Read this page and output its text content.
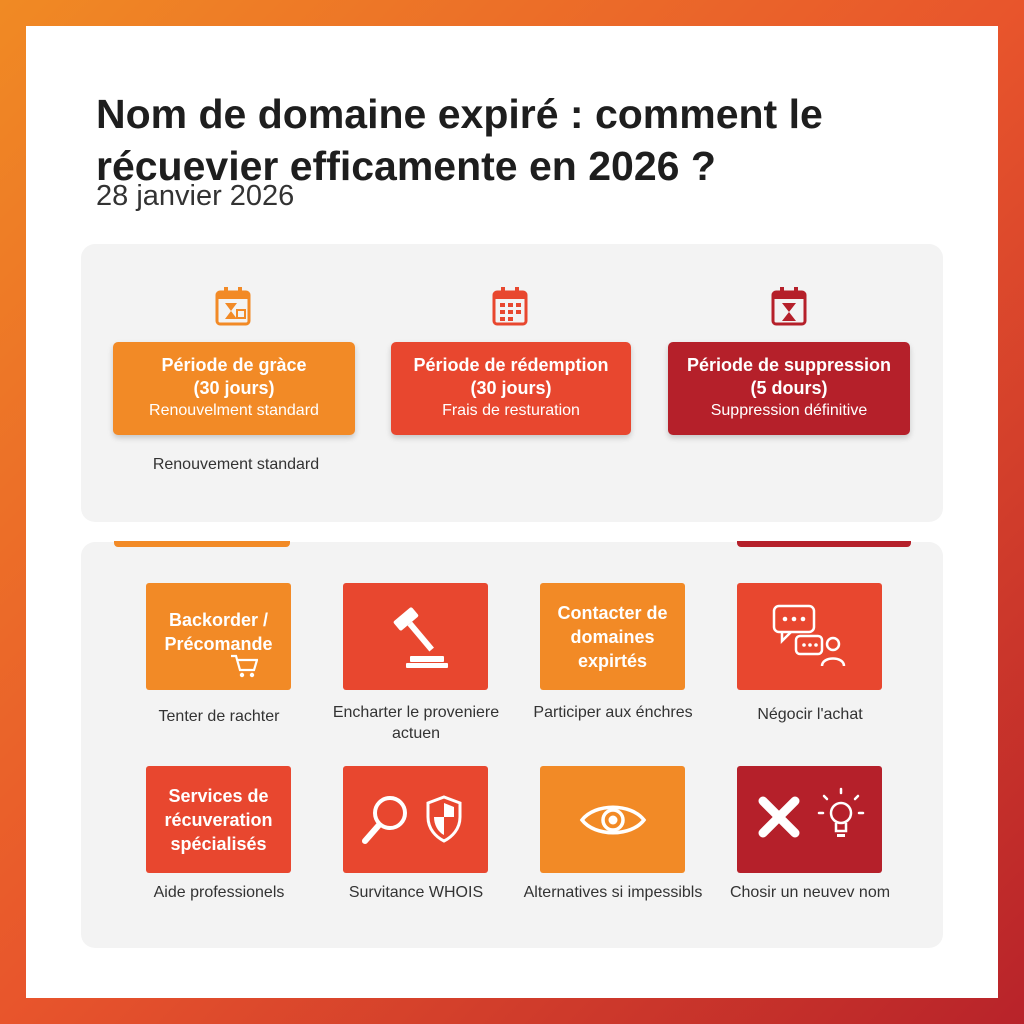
Nom de domaine expiré : comment le récuevier efficamente en 2026 ?
28 janvier 2026
Période de gràce
(30 jours)
Renouvelment standard
Période de rédemption
(30 jours)
Frais de resturation
Période de suppression
(5 dours)
Suppression définitive
Renouvement standard
Backorder / Précomande
Contacter de domaines expirtés
Tenter de rachter	Encharter le proveniere actuen
Participer aux énchres	Négocir l'achat
Services de récuveration spécialisés
Aide professionels	Survitance WHOIS	Alternatives si impessibls	Chosir un neuvev nom
